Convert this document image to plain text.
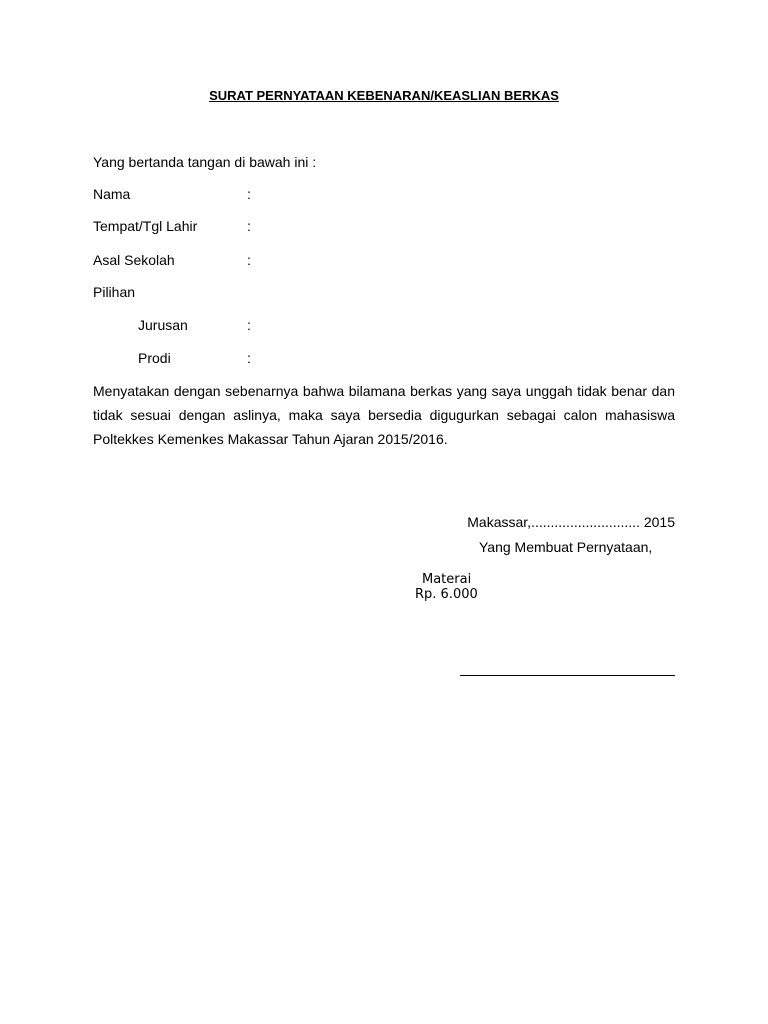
SURAT PERNYATAAN KEBENARAN/KEASLIAN BERKAS
Yang bertanda tangan di bawah ini :
Nama	:
Tempat/Tgl Lahir	:
Asal Sekolah	:
Pilihan
Jurusan	:
Prodi	:
Menyatakan dengan sebenarnya bahwa bilamana berkas yang saya unggah tidak benar dan tidak sesuai dengan aslinya, maka saya bersedia digugurkan sebagai calon mahasiswa Poltekkes Kemenkes Makassar Tahun Ajaran 2015/2016.
Makassar,............................ 2015
Yang Membuat Pernyataan,
Materai
Rp. 6.000
